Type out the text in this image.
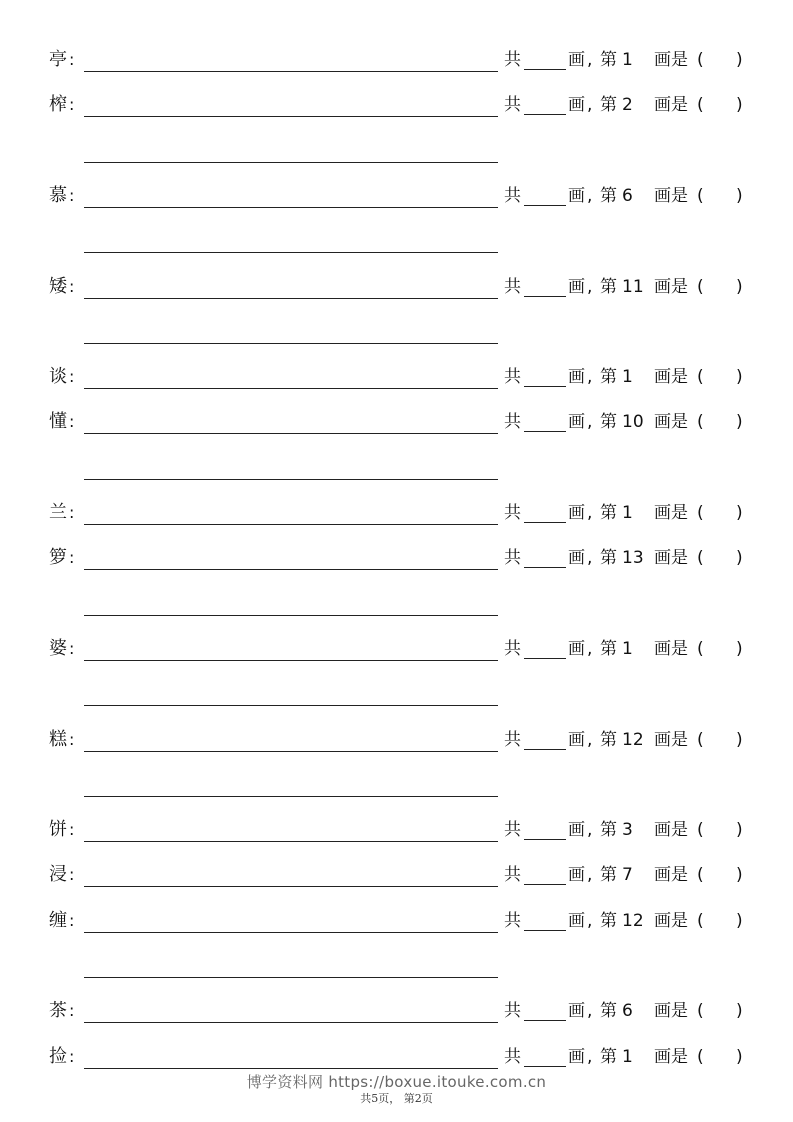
亭 :	共	画 , 第 1 画是 ( )
榨 :	共	画 , 第 2 画是 ( )
慕 :	共	画 , 第 6 画是 ( )
矮 :	共	画 , 第 11 画是 ( )
谈 :	共	画 , 第 1 画是 ( )
懂 :	共	画 , 第 10 画是 ( )
兰 :	共	画 , 第 1 画是 ( )
箩 :	共	画 , 第 13 画是 ( )
婆 :	共	画 , 第 1 画是 ( )
糕 :	共	画 , 第 12 画是 ( )
饼 :	共	画 , 第 3 画是 ( )
浸 :	共	画 , 第 7 画是 ( )
缠 :	共	画 , 第 12 画是 ( )
茶 :	共	画 , 第 6 画是 ( )
捡 :	共	画 , 第 1 画是 ( )
博学资料网 https://boxue.itouke.com.cn
共5页， 第2页
